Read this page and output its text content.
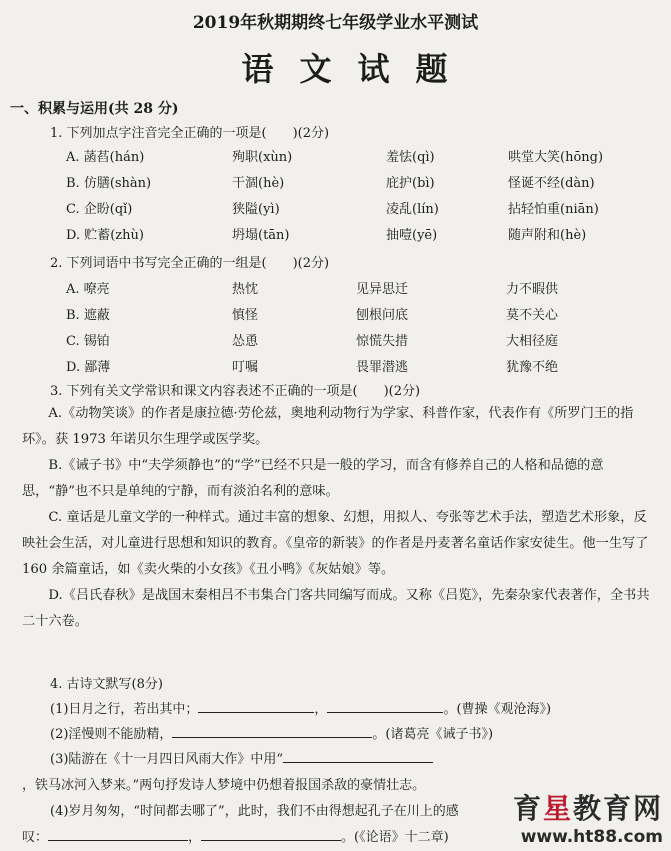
2019年秋期期终七年级学业水平测试
语文试题
一、积累与运用(共 28 分)
1. 下列加点字注音完全正确的一项是(　　)(2分)
A. 菡萏(hán)	殉职(xùn)	羞怯(qì)	哄堂大笑(hōng)
B. 仿膳(shàn)	干涸(hè)	庇护(bì)	怪诞不经(dàn)
C. 企盼(qǐ)	狭隘(yì)	凌乱(lín)	拈轻怕重(niān)
D. 贮蓄(zhù)	坍塌(tān)	抽噎(yē)	随声附和(hè)
2. 下列词语中书写完全正确的一组是(　　)(2分)
A. 嘹亮	热忱	见异思迁	力不暇供
B. 遮蔽	慎怪	刨根问底	莫不关心
C. 锡铂	怂恿	惊慌失措	大相径庭
D. 鄙薄	叮嘱	畏罪潜逃	犹豫不绝
3. 下列有关文学常识和课文内容表述不正确的一项是(　　)(2分)

A.《动物笑谈》的作者是康拉德·劳伦兹，奥地利动物行为学家、科普作家，代表作有《所罗门王的指环》。获 1973 年诺贝尔生理学或医学奖。

B.《诫子书》中“夫学须静也”的“学”已经不只是一般的学习，而含有修养自己的人格和品德的意思，“静”也不只是单纯的宁静，而有淡泊名利的意味。

C. 童话是儿童文学的一种样式。通过丰富的想象、幻想，用拟人、夸张等艺术手法，塑造艺术形象，反映社会生活，对儿童进行思想和知识的教育。《皇帝的新装》的作者是丹麦著名童话作家安徒生。他一生写了 160 余篇童话，如《卖火柴的小女孩》《丑小鸭》《灰姑娘》等。

D.《吕氏春秋》是战国末秦相吕不韦集合门客共同编写而成。又称《吕览》，先秦杂家代表著作，全书共二十六卷。

4. 古诗文默写(8分)
(1)日月之行，若出其中；	，	。(曹操《观沧海》)
(2)淫慢则不能励精，	。(诸葛亮《诫子书》)
(3)陆游在《十一月四日风雨大作》中用“
，铁马冰河入梦来。”两句抒发诗人梦境中仍想着报国杀敌的豪情壮志。
(4)岁月匆匆，“时间都去哪了”，此时，我们不由得想起孔子在川上的感
叹：	，	。(《论语》十二章)
育星教育网
www.ht88.com
